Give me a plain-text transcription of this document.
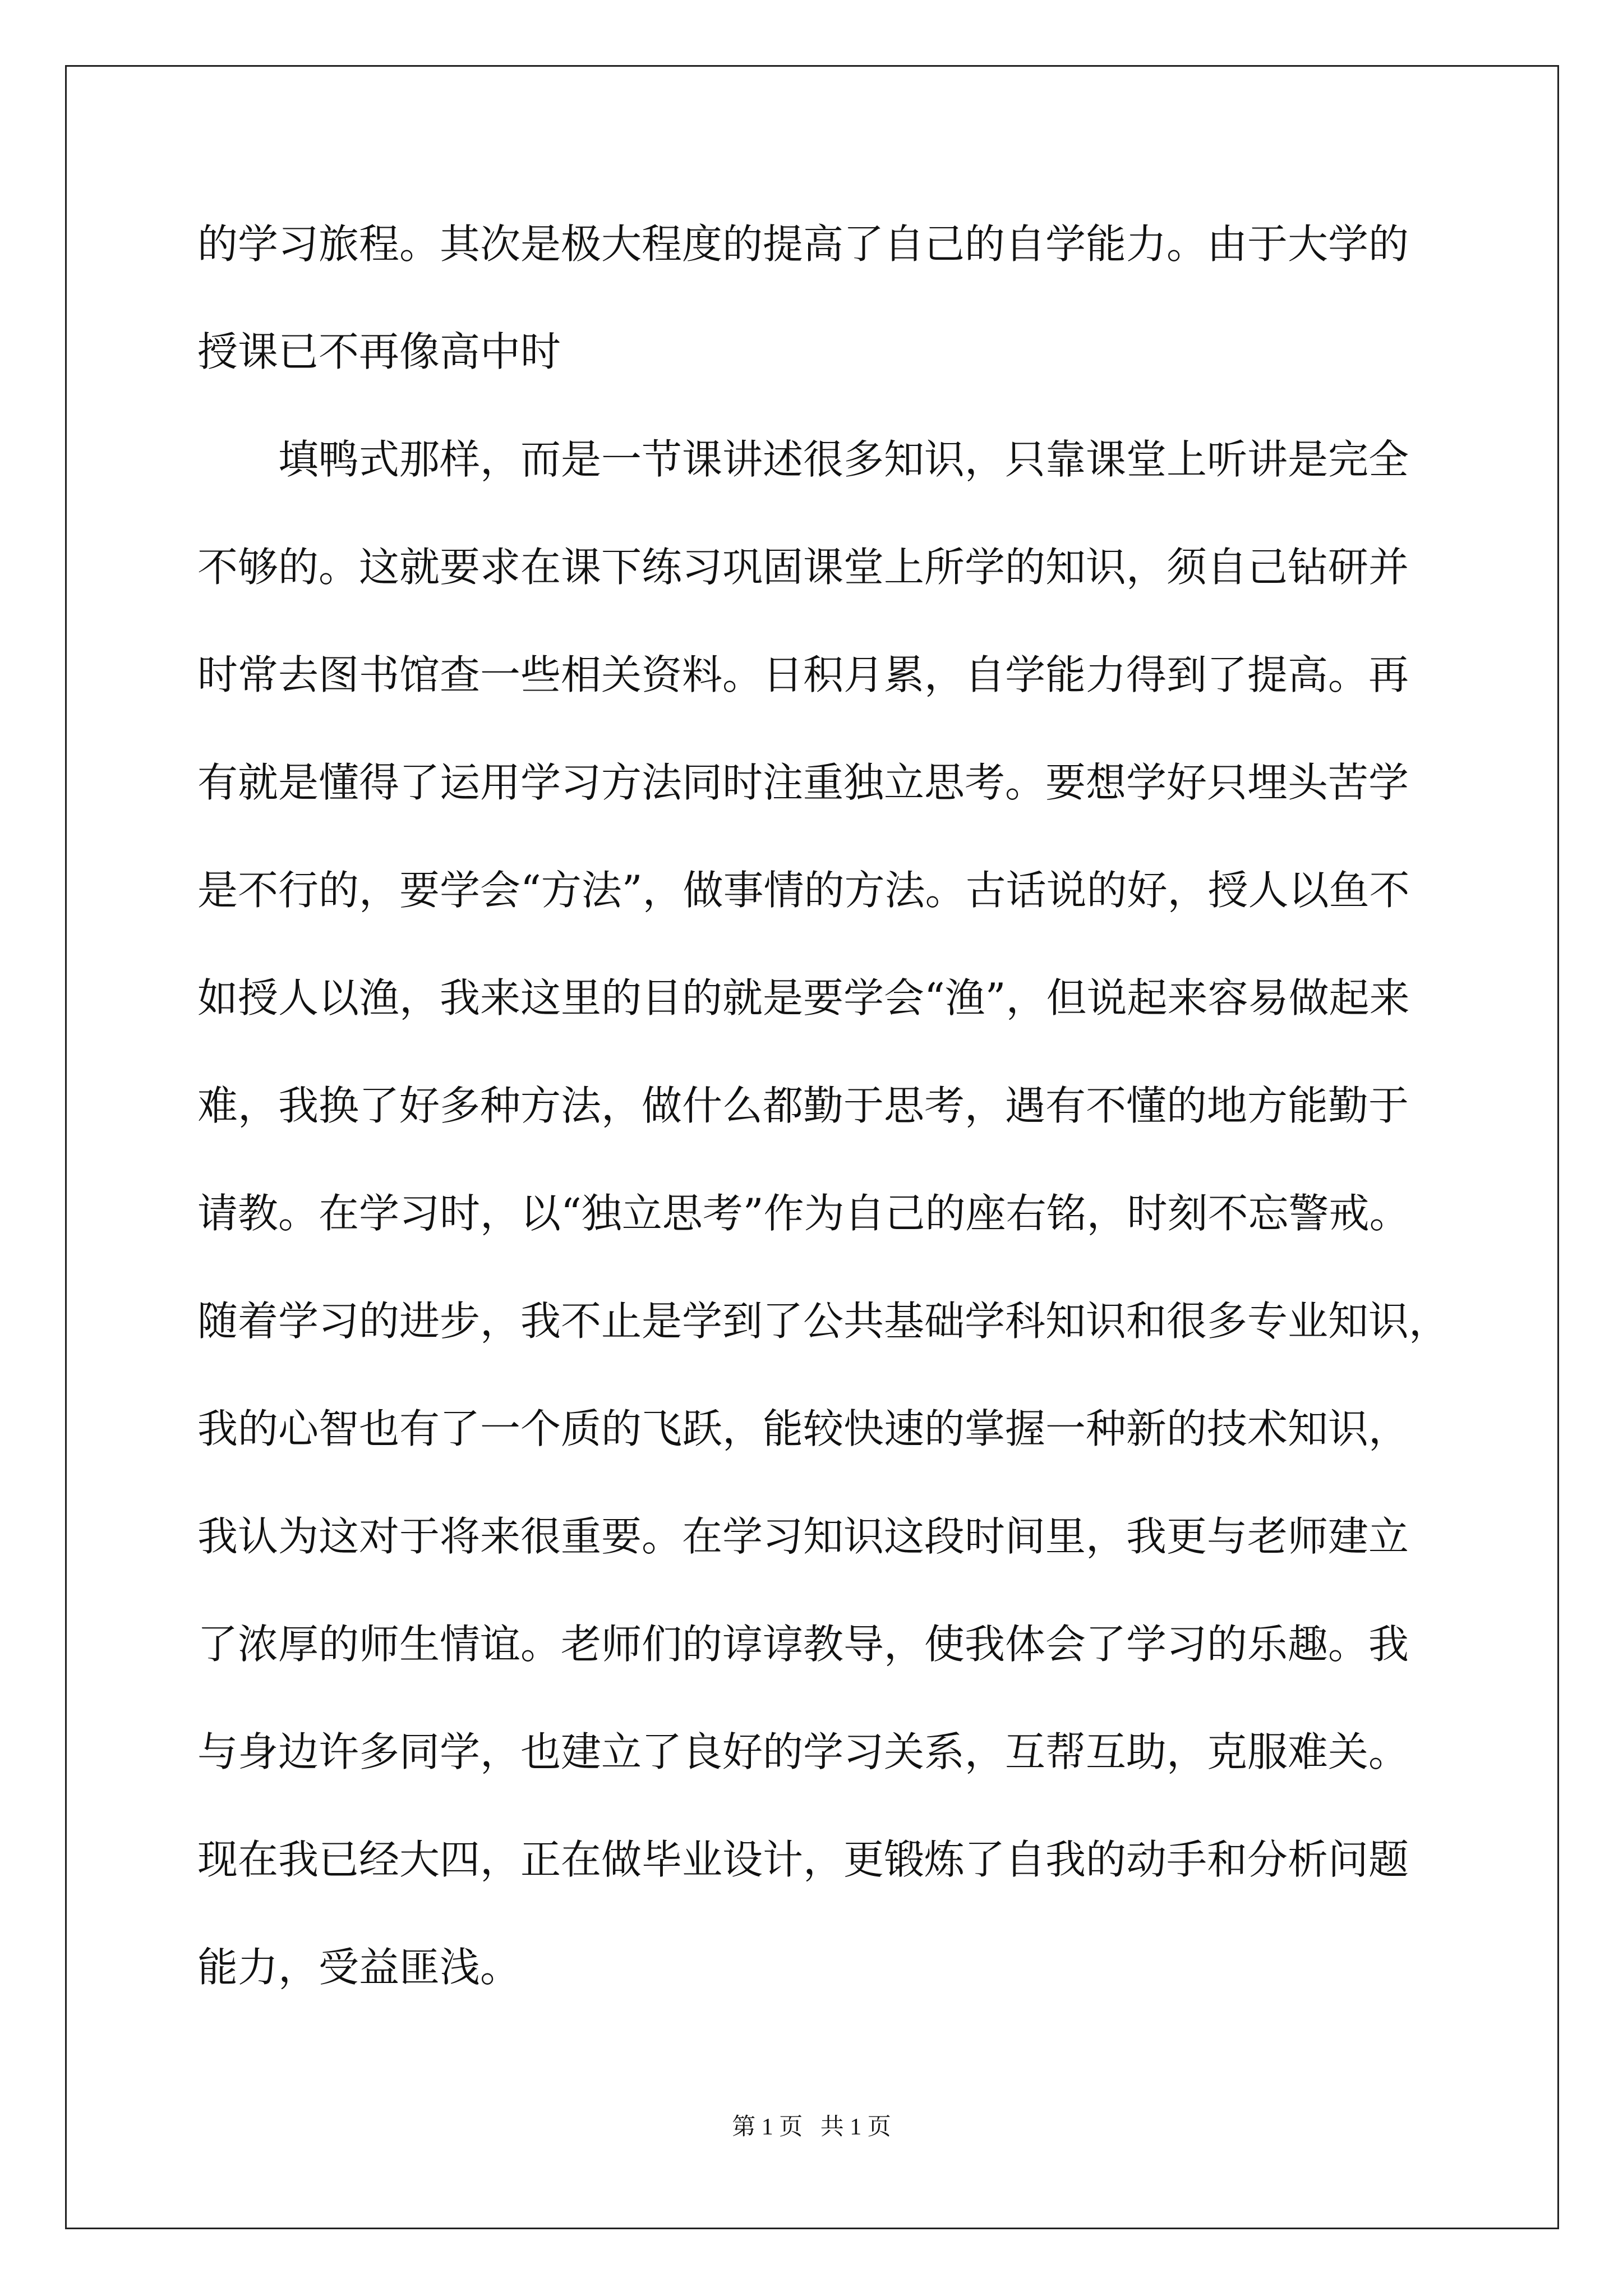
的学习旅程。其次是极大程度的提高了自己的自学能力。由于大学的
授课已不再像高中时
填鸭式那样，而是一节课讲述很多知识，只靠课堂上听讲是完全
不够的。这就要求在课下练习巩固课堂上所学的知识，须自己钻研并
时常去图书馆查一些相关资料。日积月累，自学能力得到了提高。再
有就是懂得了运用学习方法同时注重独立思考。要想学好只埋头苦学
是不行的，要学会“方法”，做事情的方法。古话说的好，授人以鱼不
如授人以渔，我来这里的目的就是要学会“渔”，但说起来容易做起来
难，我换了好多种方法，做什么都勤于思考，遇有不懂的地方能勤于
请教。在学习时，以“独立思考”作为自己的座右铭，时刻不忘警戒。
随着学习的进步，我不止是学到了公共基础学科知识和很多专业知识，
我的心智也有了一个质的飞跃，能较快速的掌握一种新的技术知识，
我认为这对于将来很重要。在学习知识这段时间里，我更与老师建立
了浓厚的师生情谊。老师们的谆谆教导，使我体会了学习的乐趣。我
与身边许多同学，也建立了良好的学习关系，互帮互助，克服难关。
现在我已经大四，正在做毕业设计，更锻炼了自我的动手和分析问题
能力，受益匪浅。
第 1 页   共 1 页
